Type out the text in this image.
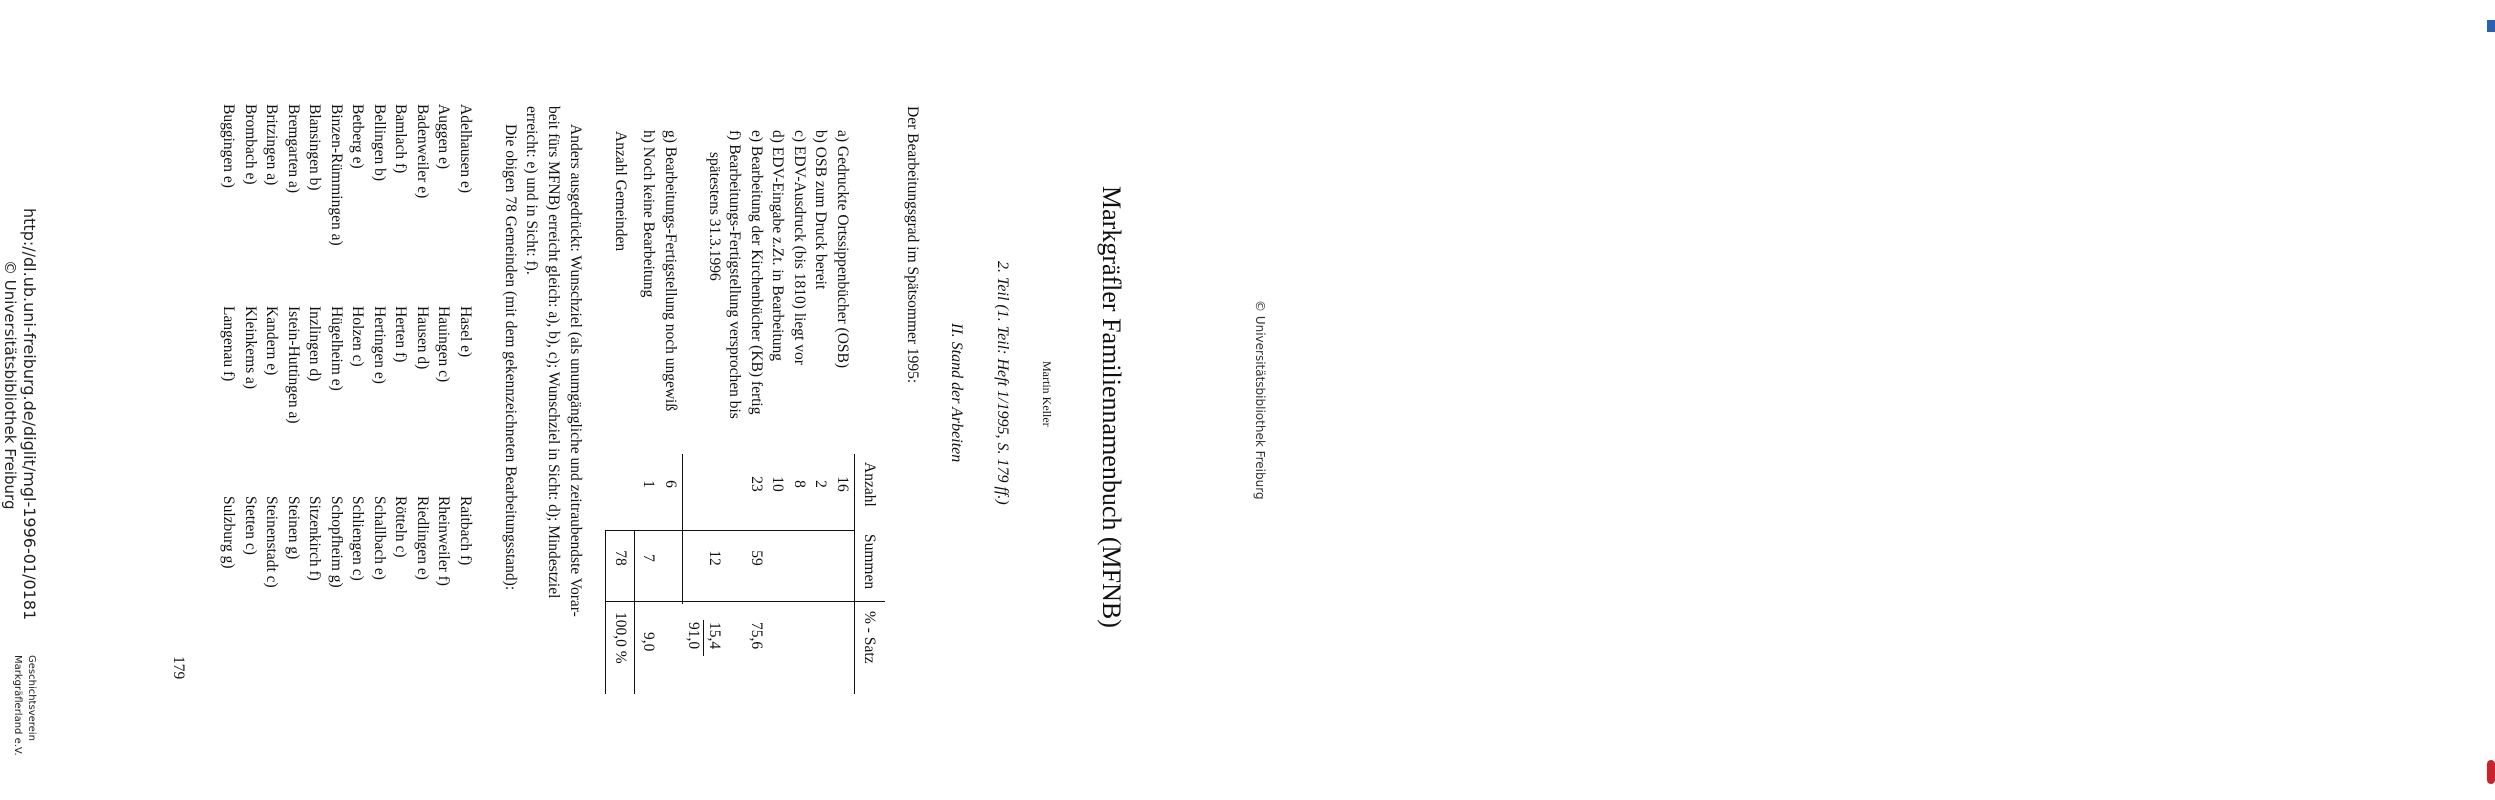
© Universitätsbibliothek Freiburg
Markgräfler Familiennamenbuch (MFNB)
Martin Keller
2. Teil (1. Teil: Heft 1/1995, S. 179 ff.)
II. Stand der Arbeiten
Der Bearbeitungsgrad im Spätsommer 1995:
Anzahl
Summen
% - Satz
a) Gedruckte Ortssippenbücher (OSB)
16
b) OSB zum Druck bereit
2
c) EDV-Ausdruck (bis 1810) liegt vor
8
d) EDV-Eingabe z.Zt. in Bearbeitung
10
e) Bearbeitung der Kirchenbücher (KB) fertig
23
59
75,6
f) Bearbeitungs-Fertigstellung versprochen bis
spätestens 31.3.1996
12
15,4
91,0
g) Bearbeitungs-Fertigstellung noch ungewiß
6
h) Noch keine Bearbeitung
1
7
9,0
Anzahl Gemeinden
78
100,0 %
Anders ausgedrückt: Wunschziel (als unumgängliche und zeitraubendste Vorar-
beit fürs MFNB) erreicht gleich: a), b), c); Wunschziel in Sicht: d); Mindestziel
erreicht: e) und in Sicht: f).
Die obigen 78 Gemeinden (mit dem gekennzeichneten Bearbeitungsstand):
Adelhausen e)
Auggen e)
Badenweiler e)
Bamlach f)
Bellingen b)
Betberg e)
Binzen-Rümmingen a)
Blansingen b)
Bremgarten a)
Britzingen a)
Brombach e)
Buggingen e)
Hasel e)
Hauingen c)
Hausen d)
Herten f)
Hertingen e)
Holzen c)
Hügelheim e)
Inzlingen d)
Istein-Huttingen a)
Kandern e)
Kleinkems a)
Langenau f)
Raitbach f)
Rheinweiler f)
Riedlingen e)
Rötteln c)
Schallbach e)
Schliengen c)
Schopfheim g)
Sitzenkirch f)
Steinen g)
Steinenstadt c)
Stetten c)
Sulzburg g)
179
http://dl.ub.uni-freiburg.de/diglit/mgl-1996-01/0181
© Universitätsbibliothek Freiburg
Geschichtsverein
Markgräflerland e.V.
